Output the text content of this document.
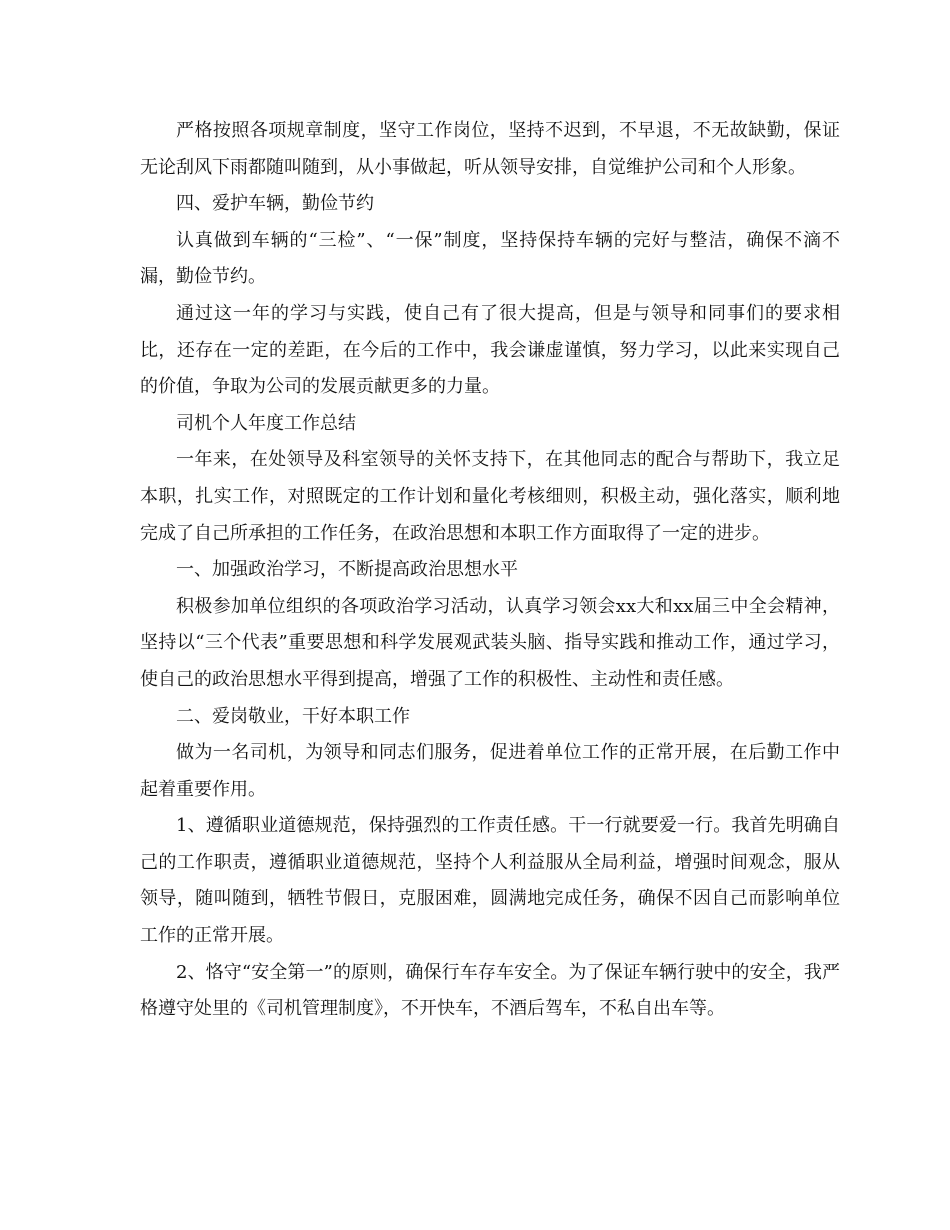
严格按照各项规章制度，坚守工作岗位，坚持不迟到，不早退，不无故缺勤，保证无论刮风下雨都随叫随到，从小事做起，听从领导安排，自觉维护公司和个人形象。

四、爱护车辆，勤俭节约

认真做到车辆的“三检”、“一保”制度，坚持保持车辆的完好与整洁，确保不滴不漏，勤俭节约。

通过这一年的学习与实践，使自己有了很大提高，但是与领导和同事们的要求相比，还存在一定的差距，在今后的工作中，我会谦虚谨慎，努力学习，以此来实现自己的价值，争取为公司的发展贡献更多的力量。

司机个人年度工作总结

一年来，在处领导及科室领导的关怀支持下，在其他同志的配合与帮助下，我立足本职，扎实工作，对照既定的工作计划和量化考核细则，积极主动，强化落实，顺利地完成了自己所承担的工作任务，在政治思想和本职工作方面取得了一定的进步。

一、加强政治学习，不断提高政治思想水平

积极参加单位组织的各项政治学习活动，认真学习领会xx大和xx届三中全会精神，坚持以“三个代表”重要思想和科学发展观武装头脑、指导实践和推动工作，通过学习，使自己的政治思想水平得到提高，增强了工作的积极性、主动性和责任感。

二、爱岗敬业，干好本职工作

做为一名司机，为领导和同志们服务，促进着单位工作的正常开展，在后勤工作中起着重要作用。

1、遵循职业道德规范，保持强烈的工作责任感。干一行就要爱一行。我首先明确自己的工作职责，遵循职业道德规范，坚持个人利益服从全局利益，增强时间观念，服从领导，随叫随到，牺牲节假日，克服困难，圆满地完成任务，确保不因自己而影响单位工作的正常开展。

2、恪守“安全第一”的原则，确保行车存车安全。为了保证车辆行驶中的安全，我严格遵守处里的《司机管理制度》，不开快车，不酒后驾车，不私自出车等。
